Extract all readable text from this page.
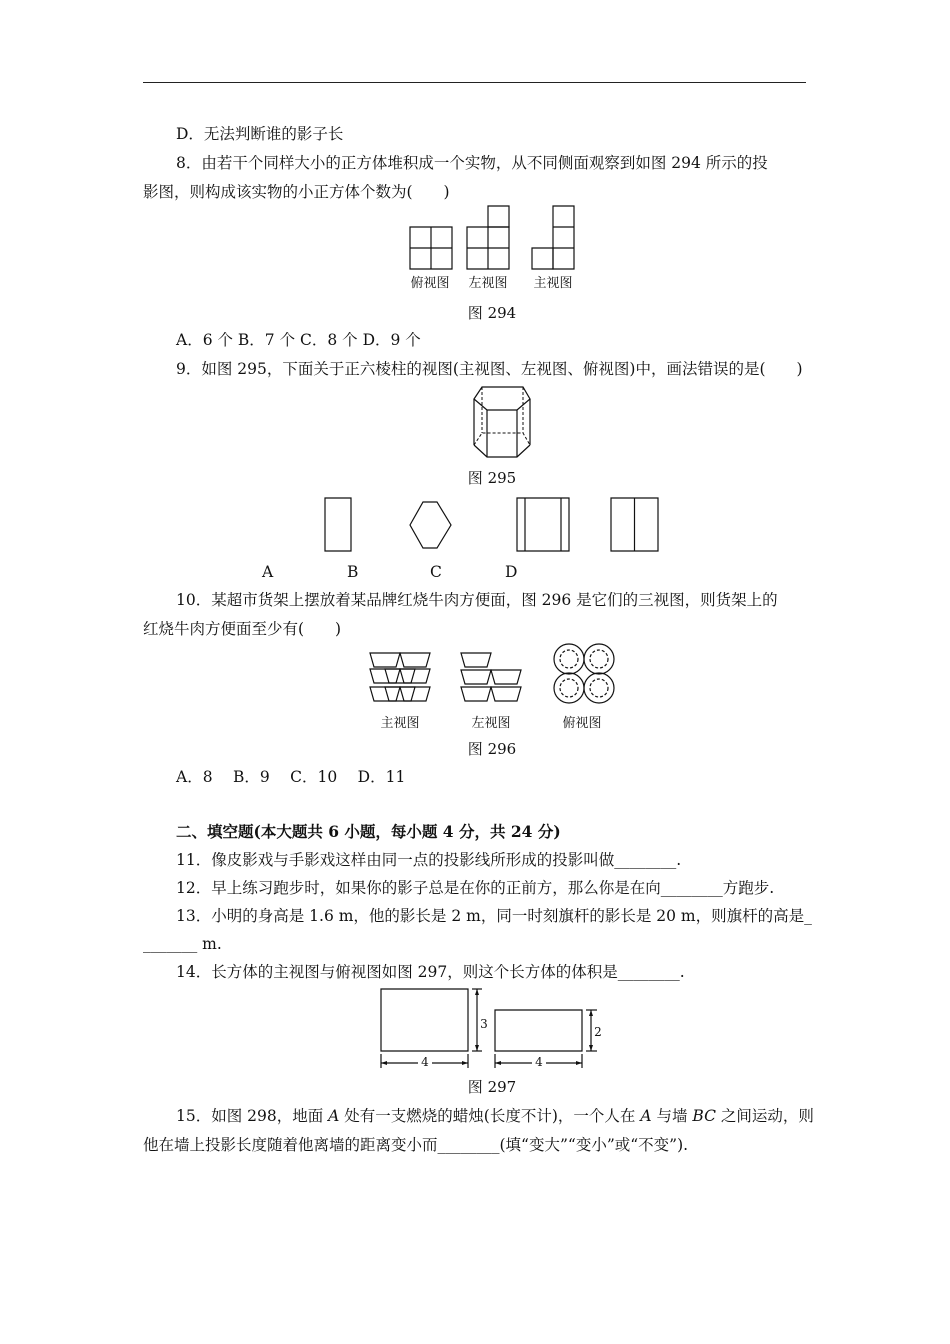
D．无法判断谁的影子长
8．由若干个同样大小的正方体堆积成一个实物，从不同侧面观察到如图 294 所示的投
影图，则构成该实物的小正方体个数为(　　)
俯视图	左视图	主视图
图 294
A．6 个 B．7 个 C．8 个 D．9 个
9．如图 295，下面关于正六棱柱的视图(主视图、左视图、俯视图)中，画法错误的是(　　)
图 295
A	B	C	D
10．某超市货架上摆放着某品牌红烧牛肉方便面，图 296 是它们的三视图，则货架上的
红烧牛肉方便面至少有(　　)
主视图	左视图	俯视图
图 296
A．8　 B．9　 C．10　 D．11
二、填空题(本大题共 6 小题，每小题 4 分，共 24 分)
11．像皮影戏与手影戏这样由同一点的投影线所形成的投影叫做________.
12．早上练习跑步时，如果你的影子总是在你的正前方，那么你是在向________方跑步.
13．小明的身高是 1.6 m，他的影长是 2 m，同一时刻旗杆的影长是 20 m，则旗杆的高是_
_______ m.
14．长方体的主视图与俯视图如图 297，则这个长方体的体积是________.
4	4
3
2
图 297
15．如图 298，地面 A 处有一支燃烧的蜡烛(长度不计)，一个人在 A 与墙 BC 之间运动，则
他在墙上投影长度随着他离墙的距离变小而________(填“变大”“变小”或“不变”).
